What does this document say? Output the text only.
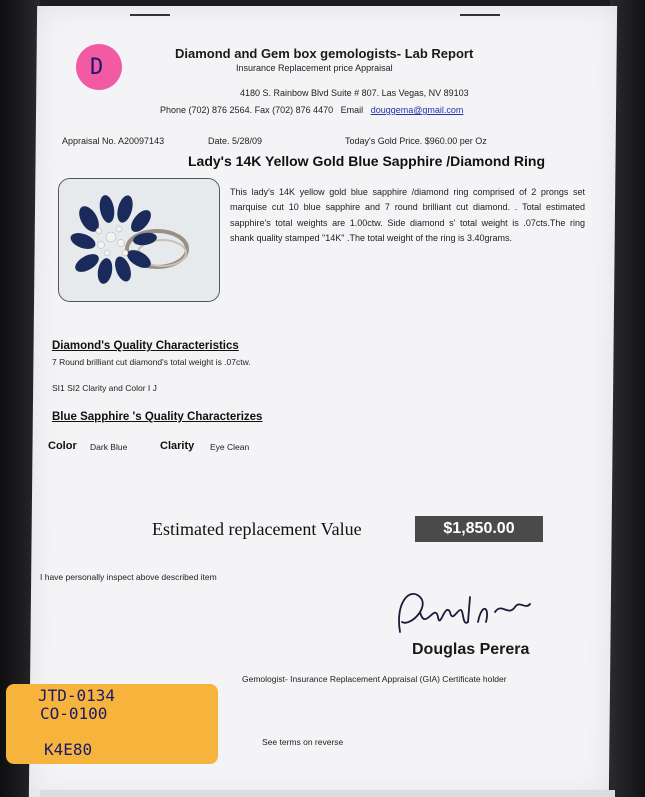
D
Diamond and Gem box gemologists- Lab Report
Insurance Replacement price Appraisal
4180 S. Rainbow Blvd Suite # 807. Las Vegas, NV 89103
Phone (702) 876 2564. Fax (702) 876 4470 Email douggema@gmail.com
Appraisal No. A20097143	Date. 5/28/09	Today's Gold Price. $960.00 per Oz
Lady's 14K Yellow Gold Blue Sapphire /Diamond Ring
This lady's 14K yellow gold blue sapphire /diamond ring comprised of 2 prongs set marquise cut 10 blue sapphire and 7 round brilliant cut diamond. . Total estimated sapphire's total weights are 1.00ctw. Side diamond s' total weight is .07cts.The ring shank quality stamped "14K" .The total weight of the ring is 3.40grams.
Diamond's Quality Characteristics
7 Round brilliant cut diamond's total weight is .07ctw.
SI1 SI2 Clarity and Color I J
Blue Sapphire 's Quality Characterizes
Color Dark Blue	Clarity Eye Clean
Estimated replacement Value	$1,850.00
I have personally inspect above described item
Douglas Perera
Gemologist- Insurance Replacement Appraisal (GIA) Certificate holder
See terms on reverse
JTD-0134
CO-0100
K4E80
